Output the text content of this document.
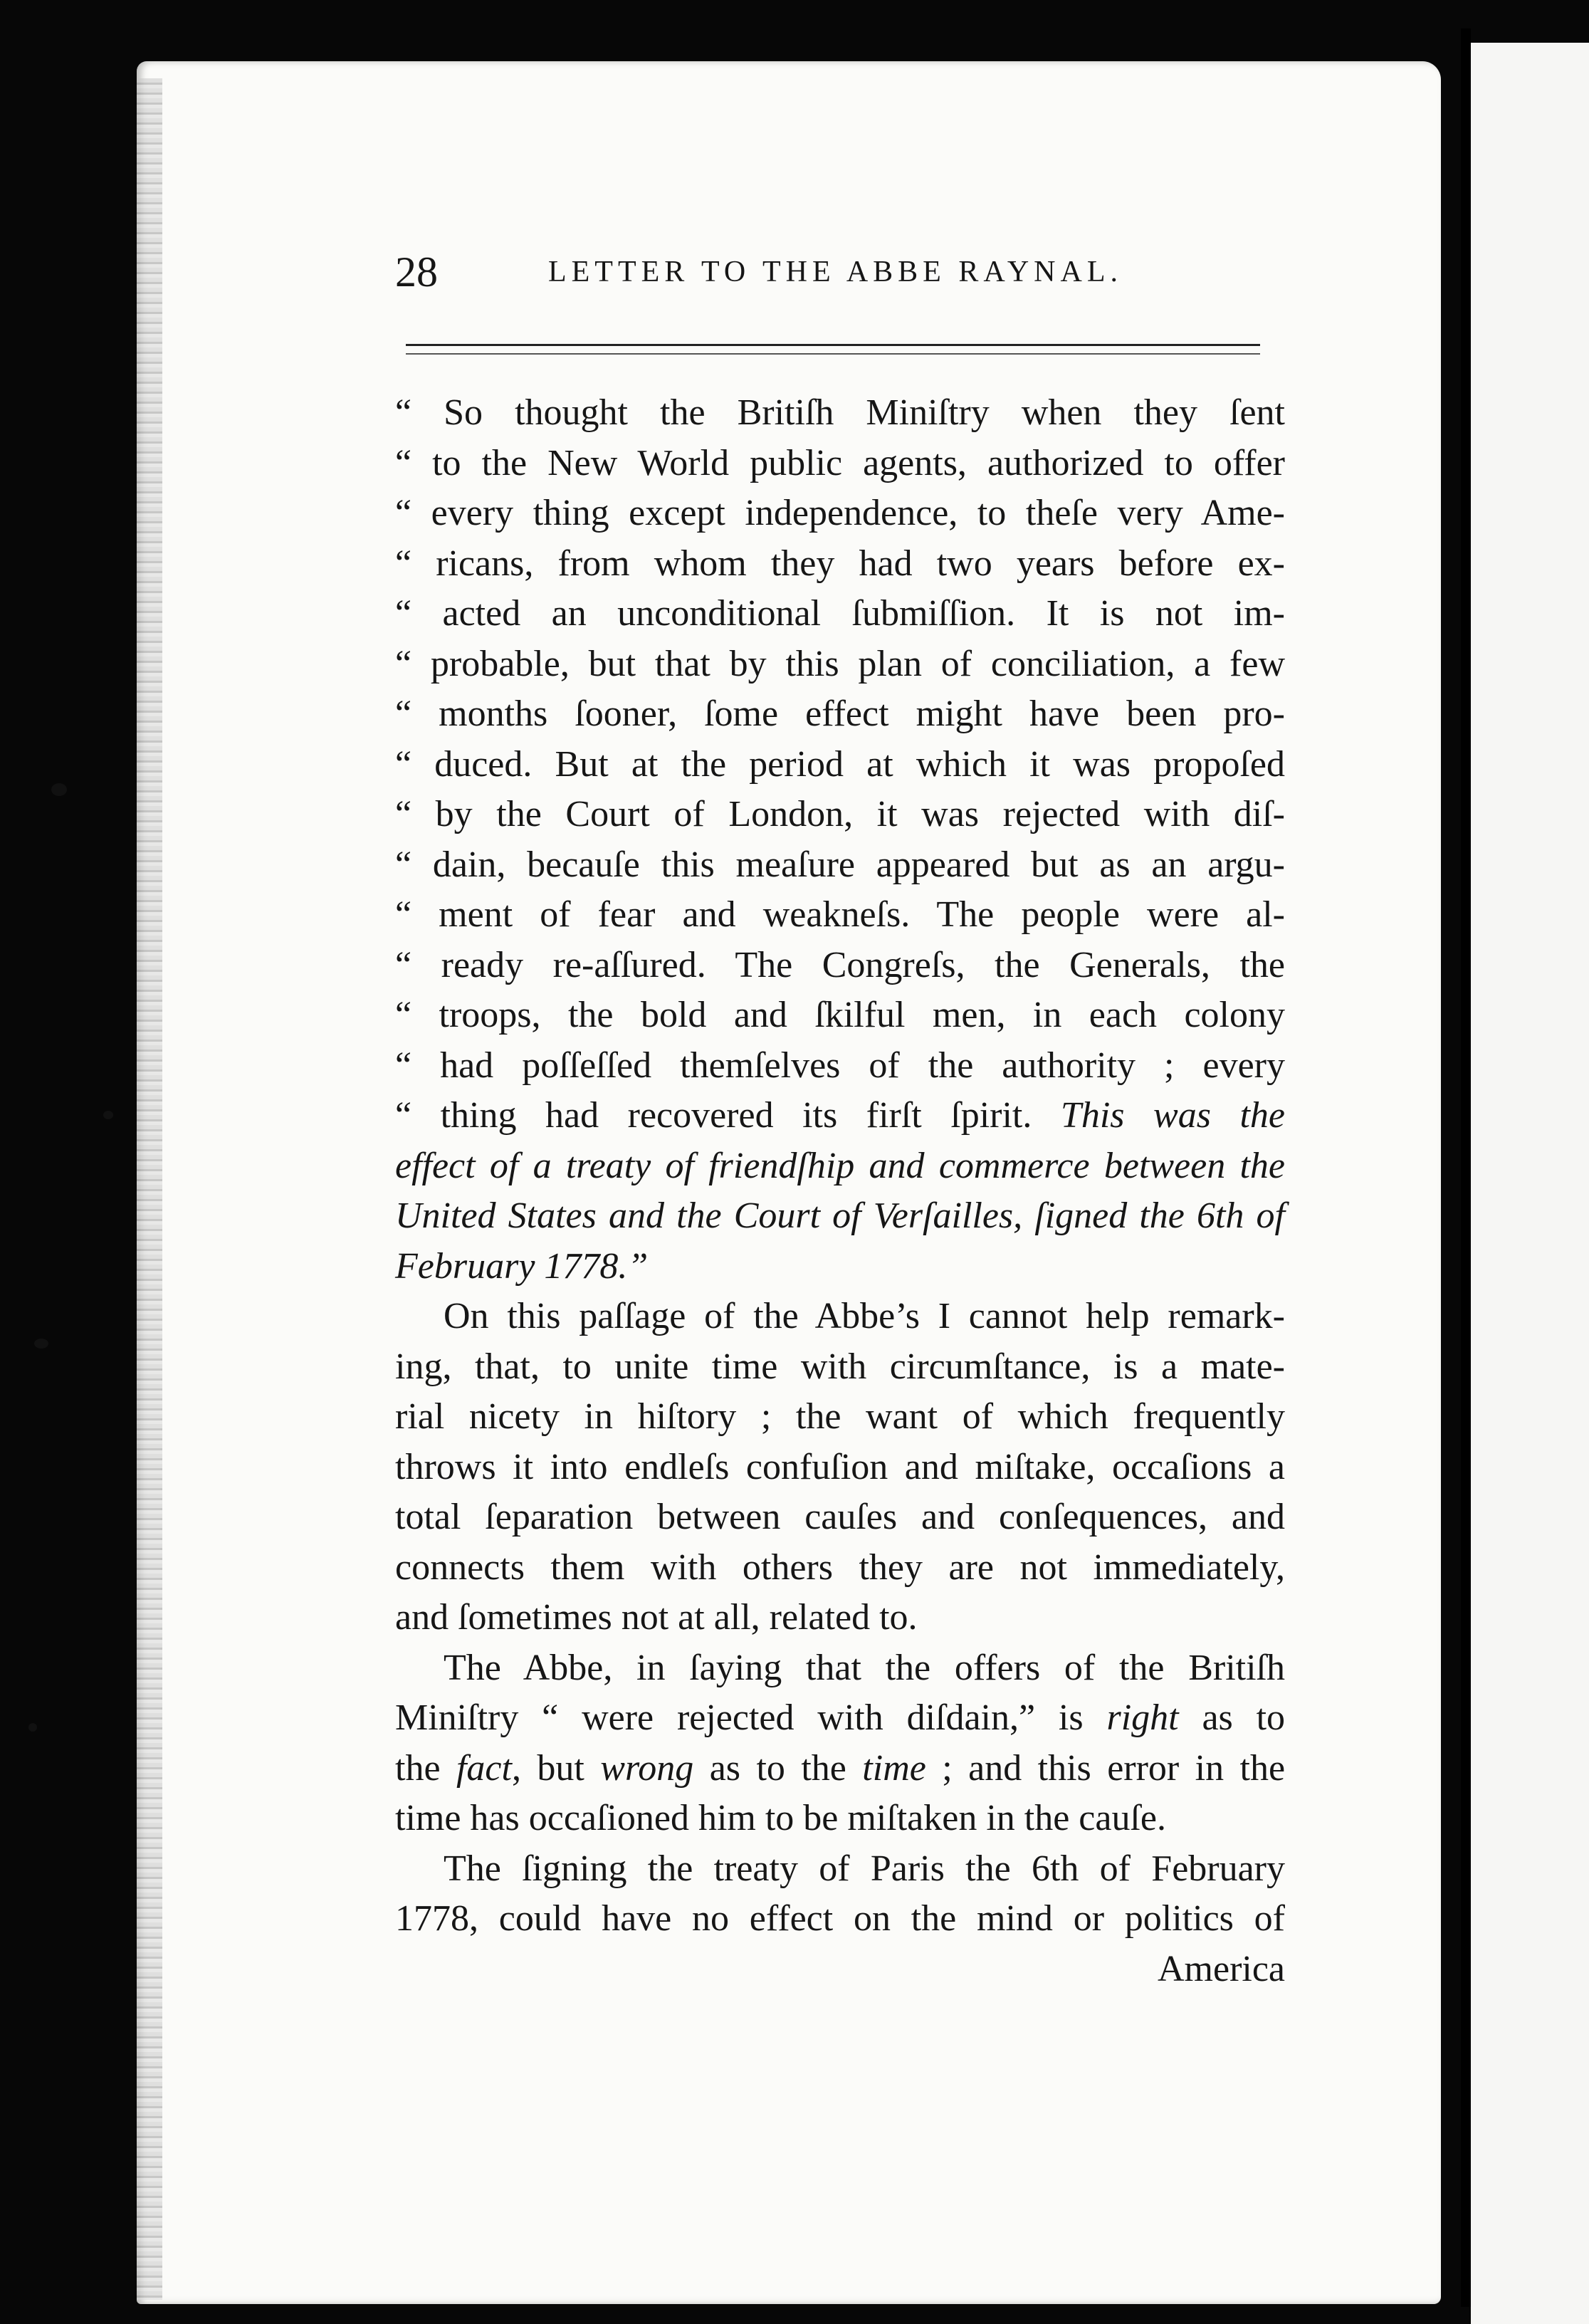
28	LETTER TO THE ABBE RAYNAL.
“ So thought the Britiſh Miniſtry when they ſent
“ to the New World public agents, authorized to offer
“ every thing except independence, to theſe very Ame-
“ ricans, from whom they had two years before ex-
“ acted an unconditional ſubmiſſion. It is not im-
“ probable, but that by this plan of conciliation, a few
“ months ſooner, ſome effect might have been pro-
“ duced. But at the period at which it was propoſed
“ by the Court of London, it was rejected with diſ-
“ dain, becauſe this meaſure appeared but as an argu-
“ ment of fear and weakneſs. The people were al-
“ ready re-aſſured. The Congreſs, the Generals, the
“ troops, the bold and ſkilful men, in each colony
“ had poſſeſſed themſelves of the authority ; every
“ thing had recovered its firſt ſpirit. This was the
effect of a treaty of friendſhip and commerce between the
United States and the Court of Verſailles, ſigned the 6th of
February 1778.”
On this paſſage of the Abbe’s I cannot help remark-
ing, that, to unite time with circumſtance, is a mate-
rial nicety in hiſtory ; the want of which frequently
throws it into endleſs confuſion and miſtake, occaſions a
total ſeparation between cauſes and conſequences, and
connects them with others they are not immediately,
and ſometimes not at all, related to.
The Abbe, in ſaying that the offers of the Britiſh
Miniſtry “ were rejected with diſdain,” is right as to
the fact, but wrong as to the time ; and this error in the
time has occaſioned him to be miſtaken in the cauſe.
The ſigning the treaty of Paris the 6th of February
1778, could have no effect on the mind or politics of
America
